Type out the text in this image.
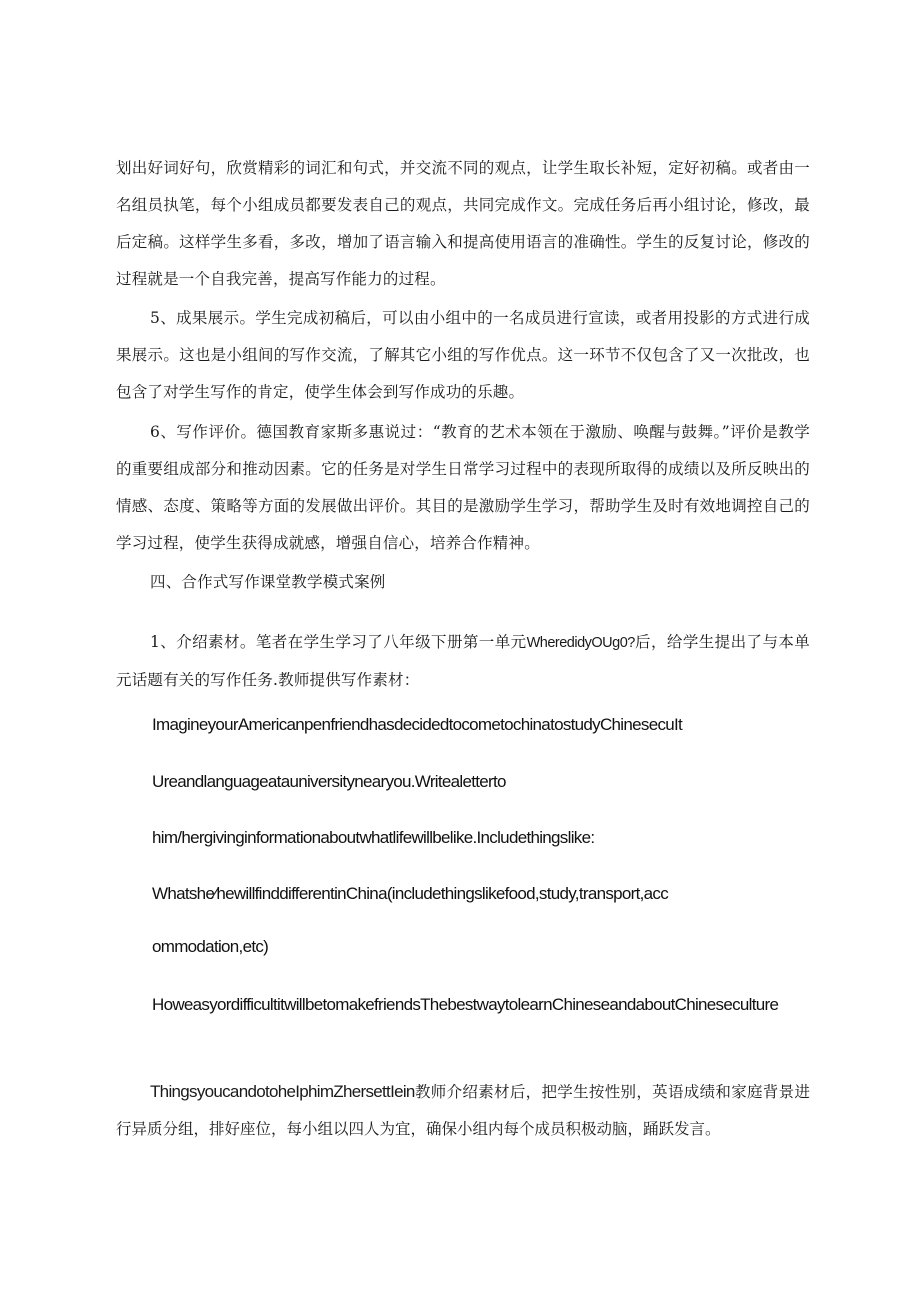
划出好词好句，欣赏精彩的词汇和句式，并交流不同的观点，让学生取长补短，定好初稿。或者由一名组员执笔，每个小组成员都要发表自己的观点，共同完成作文。完成任务后再小组讨论，修改，最后定稿。这样学生多看，多改，增加了语言输入和提高使用语言的准确性。学生的反复讨论，修改的过程就是一个自我完善，提高写作能力的过程。

5、成果展示。学生完成初稿后，可以由小组中的一名成员进行宣读，或者用投影的方式进行成果展示。这也是小组间的写作交流，了解其它小组的写作优点。这一环节不仅包含了又一次批改，也包含了对学生写作的肯定，使学生体会到写作成功的乐趣。

6、写作评价。德国教育家斯多惠说过：“教育的艺术本领在于激励、唤醒与鼓舞。”评价是教学的重要组成部分和推动因素。它的任务是对学生日常学习过程中的表现所取得的成绩以及所反映出的情感、态度、策略等方面的发展做出评价。其目的是激励学生学习，帮助学生及时有效地调控自己的学习过程，使学生获得成就感，增强自信心，培养合作精神。

四、合作式写作课堂教学模式案例

1、介绍素材。笔者在学生学习了八年级下册第一单元WheredidyOUg0?后，给学生提出了与本单元话题有关的写作任务.教师提供写作素材：

ImagineyourAmericanpenfriendhasdecidedtocometochinatostudyChinesecuIt

Ureandlanguageatauniversitynearyou.Writealetterto

him/hergivinginformationaboutwhatlifewillbelike.Includethingslike:

Whatshe∕hewillfinddifferentinChina(includethingslikefood,study,transport,acc

ommodation,etc)

HoweasyordifficultitwillbetomakefriendsThebestwaytolearnChineseandaboutChineseculture

ThingsyoucandotoheIphimZhersettIein教师介绍素材后，把学生按性别，英语成绩和家庭背景进行异质分组，排好座位，每小组以四人为宜，确保小组内每个成员积极动脑，踊跃发言。
